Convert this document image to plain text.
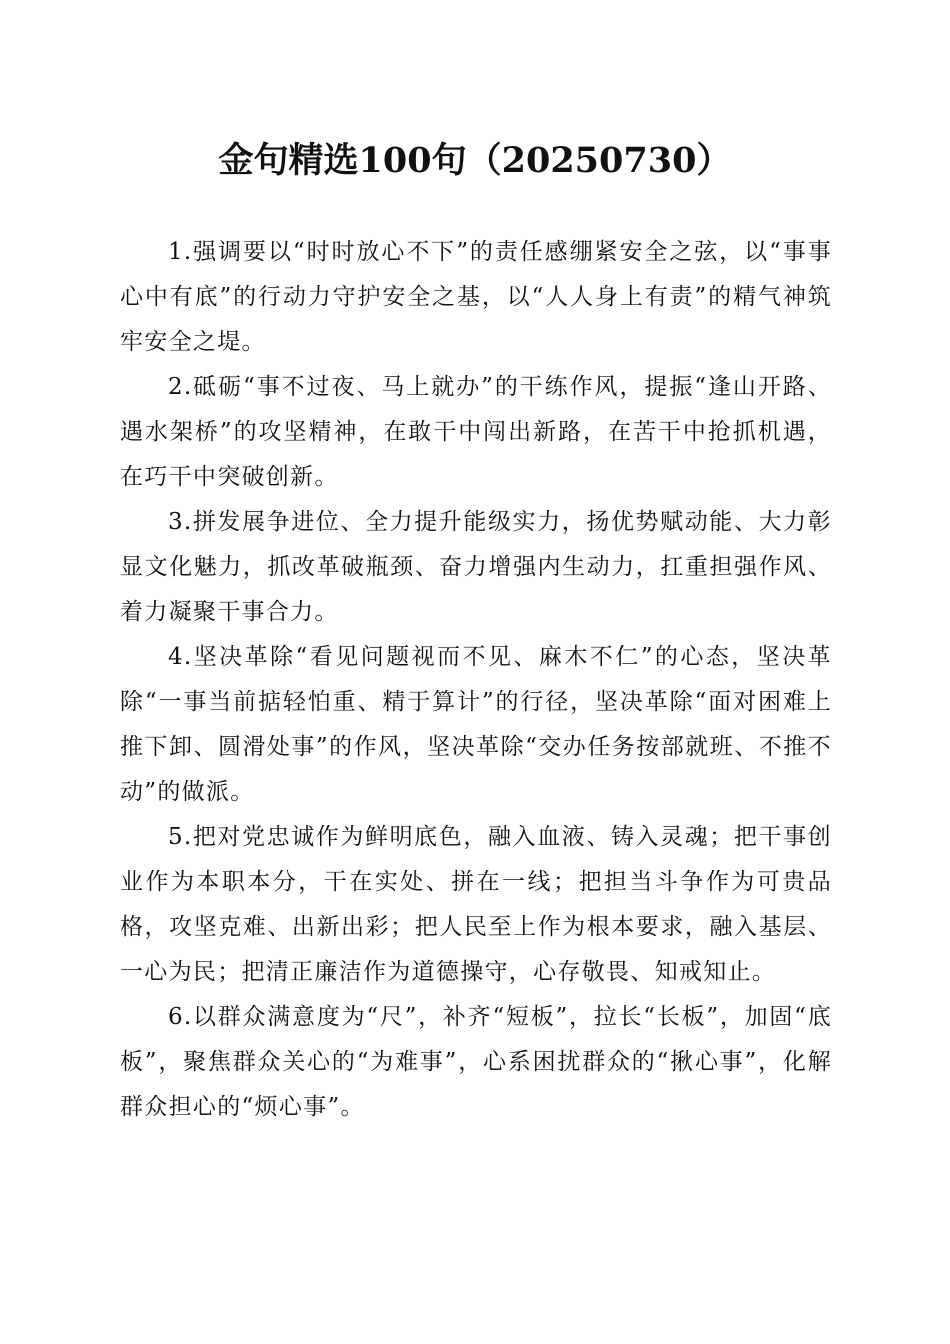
金句精选100句（20250730）

1.强调要以“时时放心不下”的责任感绷紧安全之弦，以“事事心中有底”的行动力守护安全之基，以“人人身上有责”的精气神筑牢安全之堤。

2.砥砺“事不过夜、马上就办”的干练作风，提振“逢山开路、遇水架桥”的攻坚精神，在敢干中闯出新路，在苦干中抢抓机遇，在巧干中突破创新。

3.拼发展争进位、全力提升能级实力，扬优势赋动能、大力彰显文化魅力，抓改革破瓶颈、奋力增强内生动力，扛重担强作风、着力凝聚干事合力。

4.坚决革除“看见问题视而不见、麻木不仁”的心态，坚决革除“一事当前掂轻怕重、精于算计”的行径，坚决革除“面对困难上推下卸、圆滑处事”的作风，坚决革除“交办任务按部就班、不推不动”的做派。

5.把对党忠诚作为鲜明底色，融入血液、铸入灵魂；把干事创业作为本职本分，干在实处、拼在一线；把担当斗争作为可贵品格，攻坚克难、出新出彩；把人民至上作为根本要求，融入基层、一心为民；把清正廉洁作为道德操守，心存敬畏、知戒知止。

6.以群众满意度为“尺”，补齐“短板”，拉长“长板”，加固“底板”，聚焦群众关心的“为难事”，心系困扰群众的“揪心事”，化解群众担心的“烦心事”。
